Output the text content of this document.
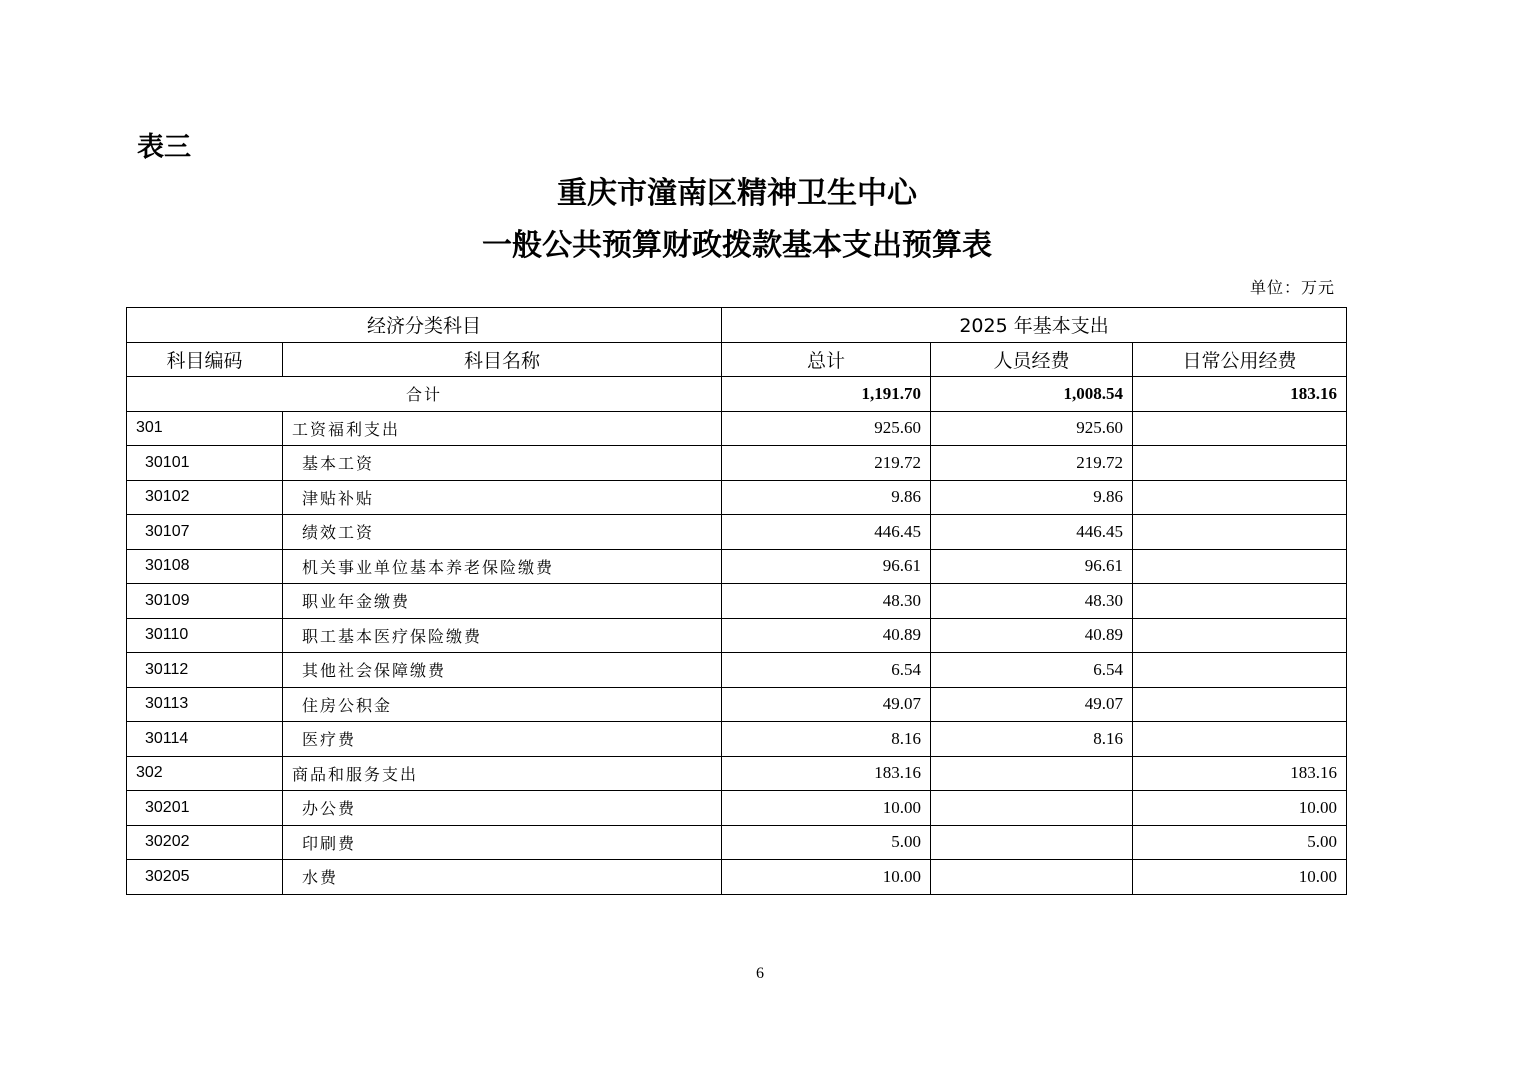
表三
重庆市潼南区精神卫生中心
一般公共预算财政拨款基本支出预算表
单位：万元
经济分类科目		2025 年基本支出		
科目编码	科目名称	总计	人员经费	日常公用经费
合计		1,191.70	1,008.54	183.16
301	工资福利支出	925.60	925.60	
30101	基本工资	219.72	219.72	
30102	津贴补贴	9.86	9.86	
30107	绩效工资	446.45	446.45	
30108	机关事业单位基本养老保险缴费	96.61	96.61	
30109	职业年金缴费	48.30	48.30	
30110	职工基本医疗保险缴费	40.89	40.89	
30112	其他社会保障缴费	6.54	6.54	
30113	住房公积金	49.07	49.07	
30114	医疗费	8.16	8.16	
302	商品和服务支出	183.16		183.16
30201	办公费	10.00		10.00
30202	印刷费	5.00		5.00
30205	水费	10.00		10.00
6
